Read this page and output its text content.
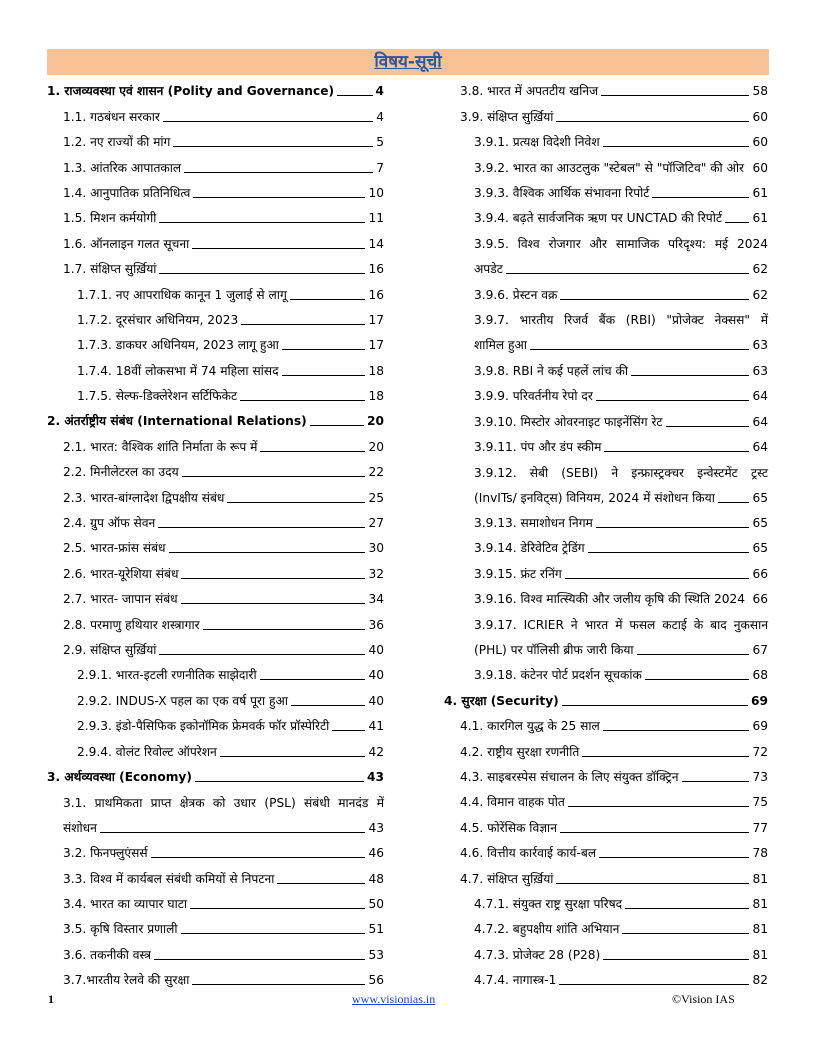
विषय-सूची
1. राजव्यवस्था एवं शासन (Polity and Governance)	4
1.1. गठबंधन सरकार	4
1.2. नए राज्यों की मांग	5
1.3. आंतरिक आपातकाल	7
1.4. आनुपातिक प्रतिनिधित्व	10
1.5. मिशन कर्मयोगी	11
1.6. ऑनलाइन गलत सूचना	14
1.7. संक्षिप्त सुर्ख़ियां	16
1.7.1. नए आपराधिक कानून 1 जुलाई से लागू	16
1.7.2. दूरसंचार अधिनियम, 2023	17
1.7.3. डाकघर अधिनियम, 2023 लागू हुआ	17
1.7.4. 18वीं लोकसभा में 74 महिला सांसद	18
1.7.5. सेल्फ-डिक्लेरेशन सर्टिफिकेट	18
2. अंतर्राष्ट्रीय संबंध (International Relations)	20
2.1. भारत: वैश्विक शांति निर्माता के रूप में	20
2.2. मिनीलेटरल का उदय	22
2.3. भारत-बांग्लादेश द्विपक्षीय संबंध	25
2.4. ग्रुप ऑफ सेवन	27
2.5. भारत-फ्रांस संबंध	30
2.6. भारत-यूरेशिया संबंध	32
2.7. भारत- जापान संबंध	34
2.8. परमाणु हथियार शस्त्रागार	36
2.9. संक्षिप्त सुर्ख़ियां	40
2.9.1. भारत-इटली रणनीतिक साझेदारी	40
2.9.2. INDUS-X पहल का एक वर्ष पूरा हुआ	40
2.9.3. इंडो-पैसिफिक इकोनॉमिक फ्रेमवर्क फॉर प्रॉस्पेरिटी	41
2.9.4. वोलंट रिवोल्ट ऑपरेशन	42
3. अर्थव्यवस्था (Economy)	43
3.1. प्राथमिकता प्राप्त क्षेत्रक को उधार (PSL) संबंधी मानदंड में
संशोधन	43
3.2. फिनफ्लुएंसर्स	46
3.3. विश्व में कार्यबल संबंधी कमियों से निपटना	48
3.4. भारत का व्यापार घाटा	50
3.5. कृषि विस्तार प्रणाली	51
3.6. तकनीकी वस्त्र	53
3.7.भारतीय रेलवे की सुरक्षा	56
3.8. भारत में अपतटीय खनिज	58
3.9. संक्षिप्त सुर्ख़ियां	60
3.9.1. प्रत्यक्ष विदेशी निवेश	60
3.9.2. भारत का आउटलुक "स्टेबल" से "पॉजिटिव" की ओर 60
3.9.3. वैश्विक आर्थिक संभावना रिपोर्ट	61
3.9.4. बढ़ते सार्वजनिक ऋण पर UNCTAD की रिपोर्ट 61
3.9.5. विश्व रोजगार और सामाजिक परिदृश्य: मई 2024
अपडेट	62
3.9.6. प्रेस्टन वक्र	62
3.9.7. भारतीय रिजर्व बैंक (RBI) "प्रोजेक्ट नेक्सस" में
शामिल हुआ	63
3.9.8. RBI ने कई पहलें लांच की	63
3.9.9. परिवर्तनीय रेपो दर	64
3.9.10. मिस्टोर ओवरनाइट फाइनेंसिंग रेट	64
3.9.11. पंप और डंप स्कीम	64
3.9.12. सेबी (SEBI) ने इन्फ्रास्ट्रक्चर इन्वेस्टमेंट ट्रस्ट
(InvITs/ इनविट्स) विनियम, 2024 में संशोधन किया	65
3.9.13. समाशोधन निगम	65
3.9.14. डेरिवेटिव ट्रेडिंग	65
3.9.15. फ्रंट रनिंग	66
3.9.16. विश्व मात्स्यिकी और जलीय कृषि की स्थिति 2024 66
3.9.17. ICRIER ने भारत में फसल कटाई के बाद नुकसान
(PHL) पर पॉलिसी ब्रीफ जारी किया	67
3.9.18. कंटेनर पोर्ट प्रदर्शन सूचकांक	68
4. सुरक्षा (Security)	69
4.1. कारगिल युद्ध के 25 साल	69
4.2. राष्ट्रीय सुरक्षा रणनीति	72
4.3. साइबरस्पेस संचालन के लिए संयुक्त डॉक्ट्रिन	73
4.4. विमान वाहक पोत	75
4.5. फोरेंसिक विज्ञान	77
4.6. वित्तीय कार्रवाई कार्य-बल	78
4.7. संक्षिप्त सुर्ख़ियां	81
4.7.1. संयुक्त राष्ट्र सुरक्षा परिषद	81
4.7.2. बहुपक्षीय शांति अभियान	81
4.7.3. प्रोजेक्ट 28 (P28)	81
4.7.4. नागास्त्र-1	82
1	www.visionias.in	©Vision IAS
